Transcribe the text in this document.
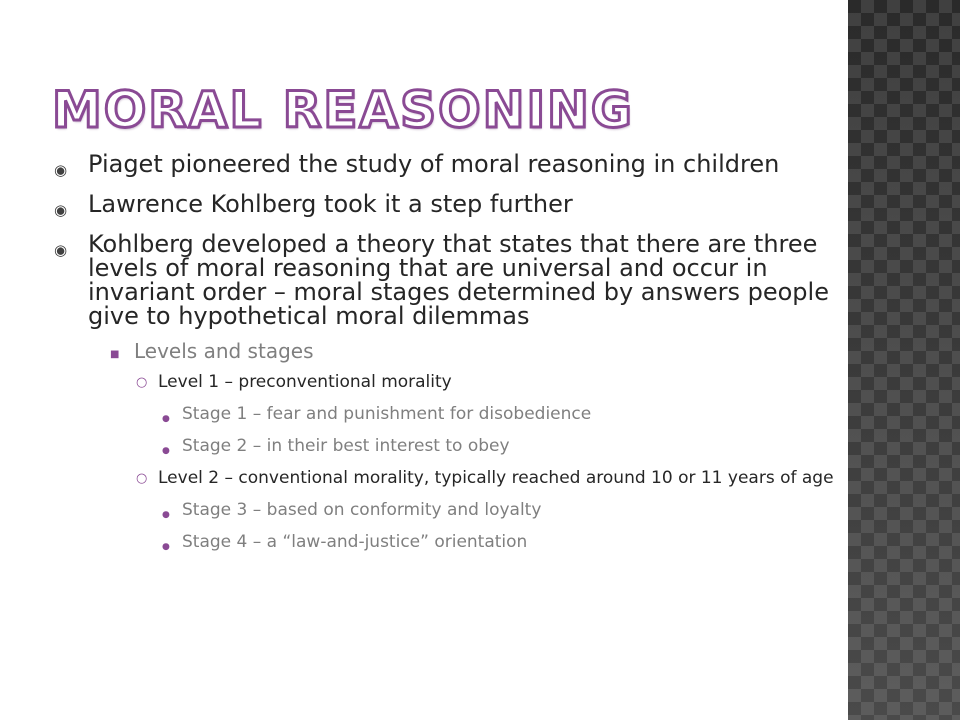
MORAL REASONING
◉ Piaget pioneered the study of moral reasoning in children
◉ Lawrence Kohlberg took it a step further
◉ Kohlberg developed a theory that states that there are three levels of moral reasoning that are universal and occur in invariant order – moral stages determined by answers people give to hypothetical moral dilemmas
■ Levels and stages
○ Level 1 – preconventional morality
● Stage 1 – fear and punishment for disobedience
● Stage 2 – in their best interest to obey
○ Level 2 – conventional morality, typically reached around 10 or 11 years of age
● Stage 3 – based on conformity and loyalty
● Stage 4 – a “law-and-justice” orientation
